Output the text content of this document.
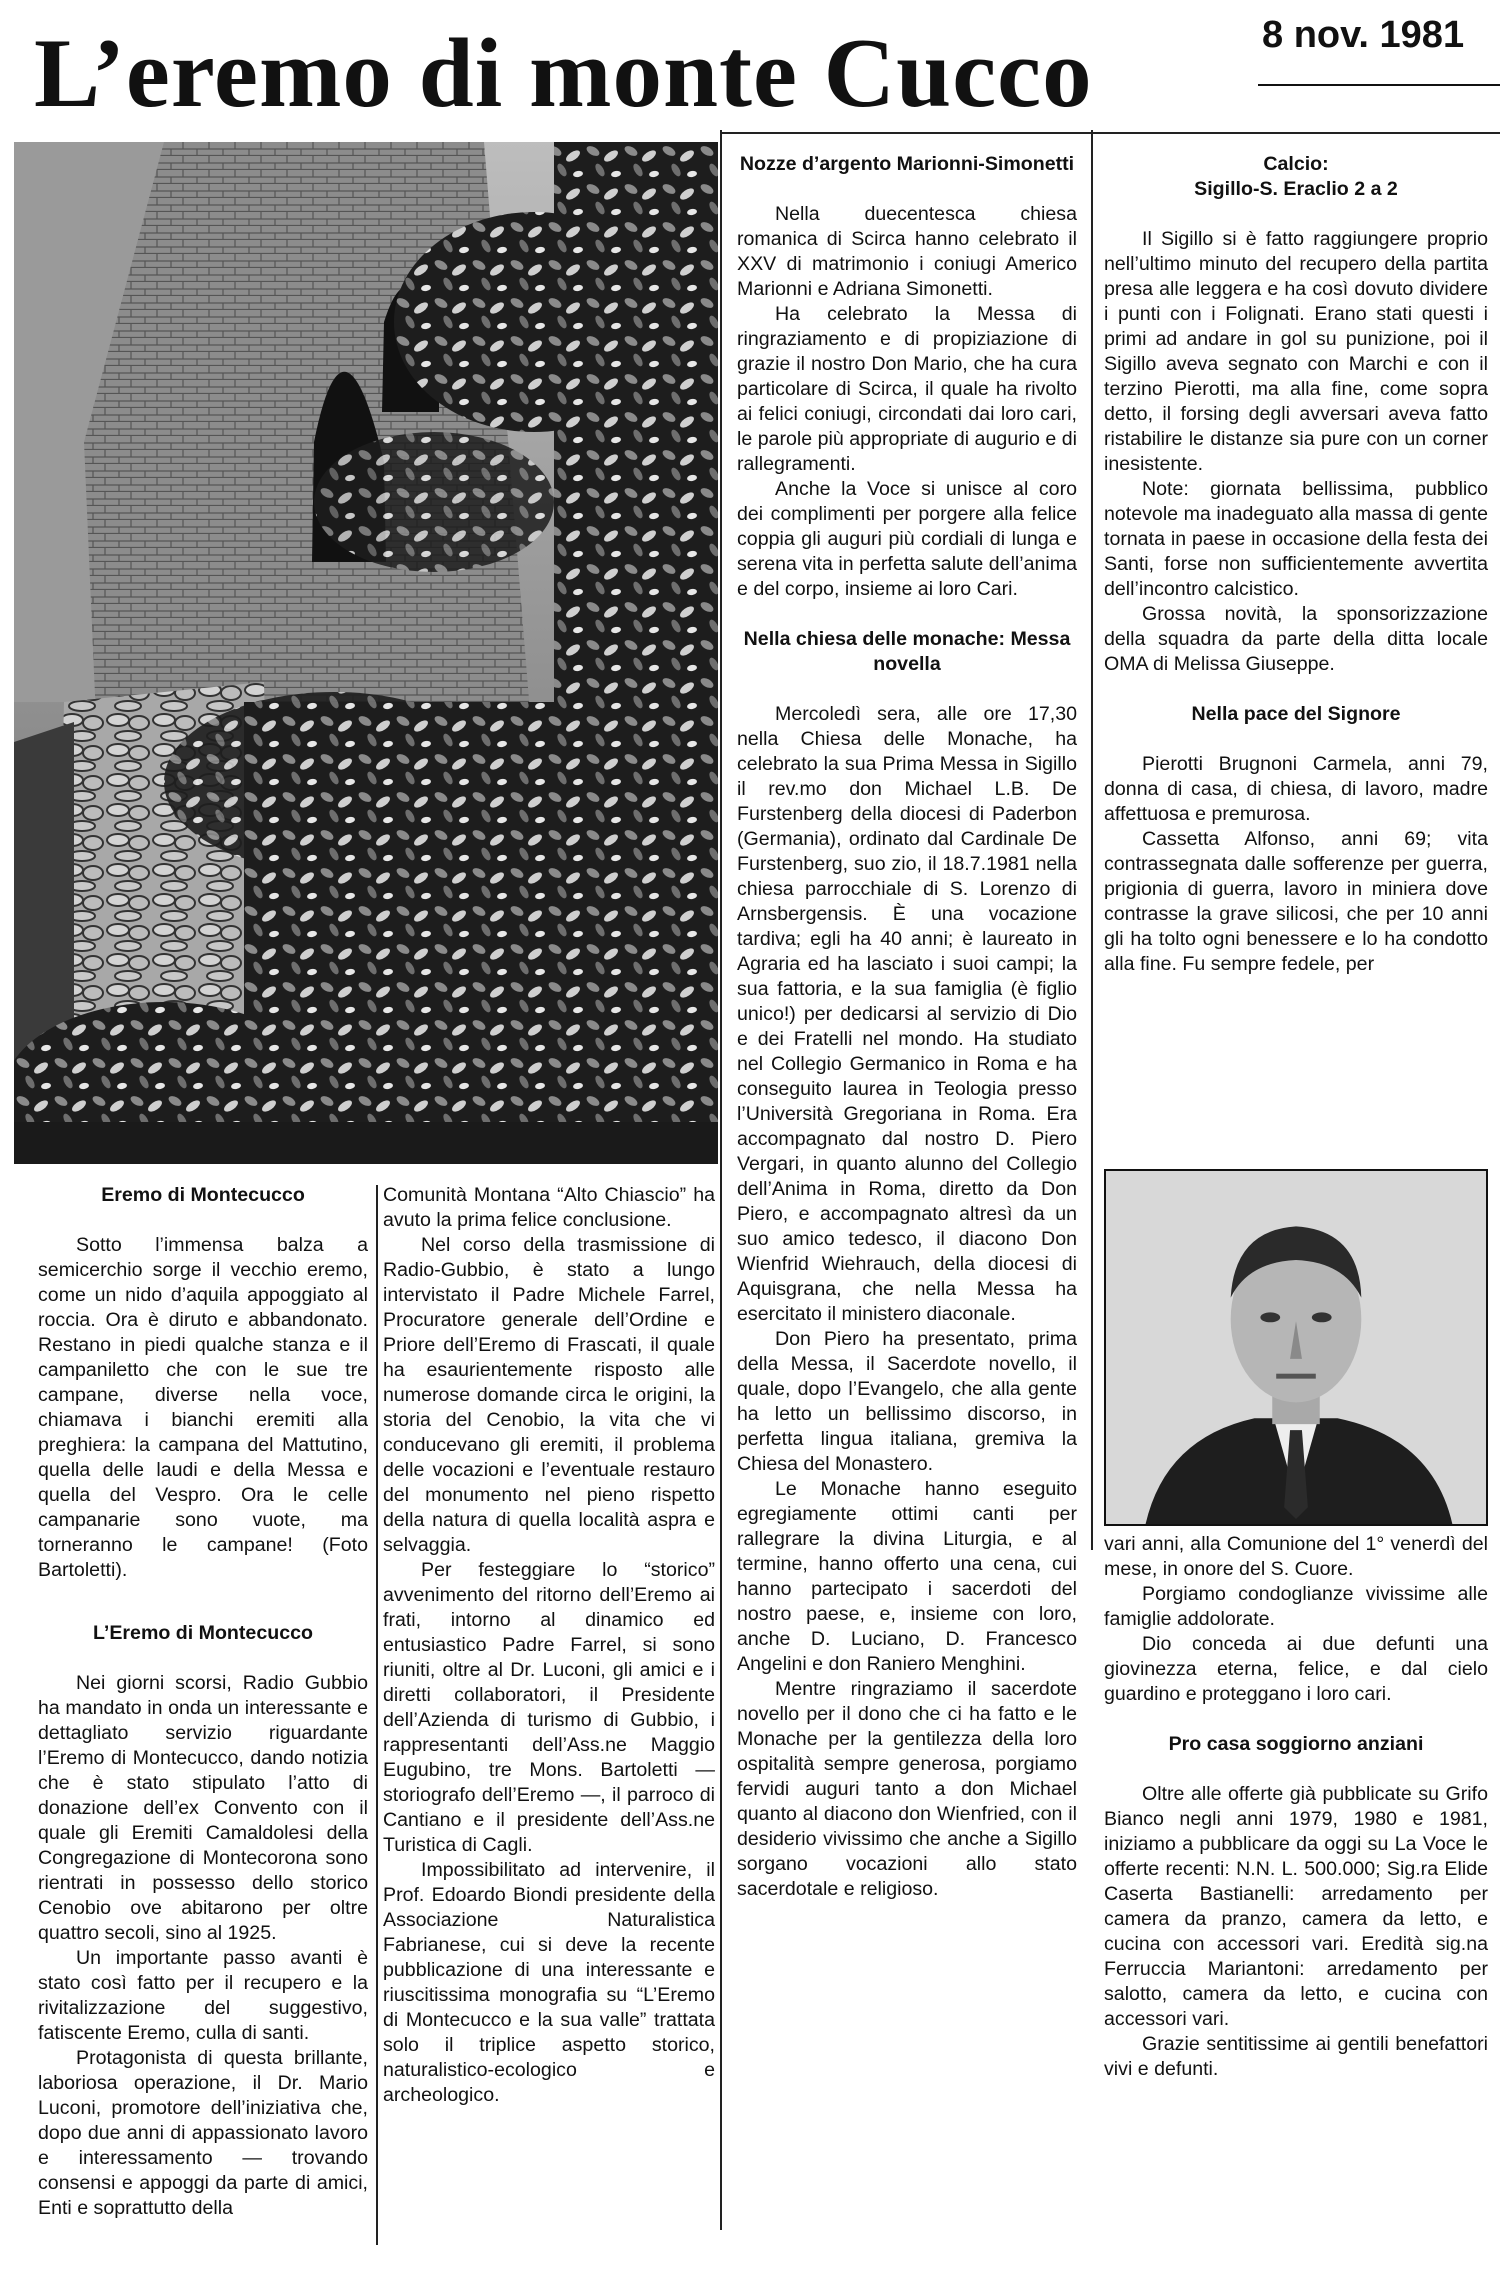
L’eremo di monte Cucco	8 nov. 1981

Eremo di Montecucco

Sotto l’immensa balza a semicerchio sorge il vecchio eremo, come un nido d’aquila appoggiato al roccia. Ora è diruto e abbandonato. Restano in piedi qualche stanza e il campaniletto che con le sue tre campane, diverse nella voce, chiamava i bianchi eremiti alla preghiera: la campana del Mattutino, quella delle laudi e della Messa e quella del Vespro. Ora le celle campanarie sono vuote, ma torneranno le campane! (Foto Bartoletti).

L’Eremo di Montecucco

Nei giorni scorsi, Radio Gubbio ha mandato in onda un interessante e dettagliato servizio riguardante l’Eremo di Montecucco, dando notizia che è stato stipulato l’atto di donazione dell’ex Convento con il quale gli Eremiti Camaldolesi della Congregazione di Montecorona sono rientrati in possesso dello storico Cenobio ove abitarono per oltre quattro secoli, sino al 1925.

Un importante passo avanti è stato così fatto per il recupero e la rivitalizzazione del suggestivo, fatiscente Eremo, culla di santi.

Protagonista di questa brillante, laboriosa operazione, il Dr. Mario Luconi, promotore dell’iniziativa che, dopo due anni di appassionato lavoro e interessamento — trovando consensi e appoggi da parte di amici, Enti e soprattutto della

Comunità Montana “Alto Chiascio” ha avuto la prima felice conclusione.

Nel corso della trasmissione di Radio-Gubbio, è stato a lungo intervistato il Padre Michele Farrel, Procuratore generale dell’Ordine e Priore dell’Eremo di Frascati, il quale ha esaurientemente risposto alle numerose domande circa le origini, la storia del Cenobio, la vita che vi conducevano gli eremiti, il problema delle vocazioni e l’eventuale restauro del monumento nel pieno rispetto della natura di quella località aspra e selvaggia.

Per festeggiare lo “storico” avvenimento del ritorno dell’Eremo ai frati, intorno al dinamico ed entusiastico Padre Farrel, si sono riuniti, oltre al Dr. Luconi, gli amici e i diretti collaboratori, il Presidente dell’Azienda di turismo di Gubbio, i rappresentanti dell’Ass.ne Maggio Eugubino, tre Mons. Bartoletti — storiografo dell’Eremo —, il parroco di Cantiano e il presidente dell’Ass.ne Turistica di Cagli.

Impossibilitato ad intervenire, il Prof. Edoardo Biondi presidente della Associazione Naturalistica Fabrianese, cui si deve la recente pubblicazione di una interessante e riuscitissima monografia su “L’Eremo di Montecucco e la sua valle” trattata solo il triplice aspetto storico, naturalistico-ecologico e archeologico.

Nozze d’argento Marionni-Simonetti

Nella duecentesca chiesa romanica di Scirca hanno celebrato il XXV di matrimonio i coniugi Americo Marionni e Adriana Simonetti.

Ha celebrato la Messa di ringraziamento e di propiziazione di grazie il nostro Don Mario, che ha cura particolare di Scirca, il quale ha rivolto ai felici coniugi, circondati dai loro cari, le parole più appropriate di augurio e di rallegramenti.

Anche la Voce si unisce al coro dei complimenti per porgere alla felice coppia gli auguri più cordiali di lunga e serena vita in perfetta salute dell’anima e del corpo, insieme ai loro Cari.

Nella chiesa delle monache: Messa novella

Mercoledì sera, alle ore 17,30 nella Chiesa delle Monache, ha celebrato la sua Prima Messa in Sigillo il rev.mo don Michael L.B. De Furstenberg della diocesi di Paderbon (Germania), ordinato dal Cardinale De Furstenberg, suo zio, il 18.7.1981 nella chiesa parrocchiale di S. Lorenzo di Arnsbergensis. È una vocazione tardiva; egli ha 40 anni; è laureato in Agraria ed ha lasciato i suoi campi; la sua fattoria, e la sua famiglia (è figlio unico!) per dedicarsi al servizio di Dio e dei Fratelli nel mondo. Ha studiato nel Collegio Germanico in Roma e ha conseguito laurea in Teologia presso l’Università Gregoriana in Roma. Era accompagnato dal nostro D. Piero Vergari, in quanto alunno del Collegio dell’Anima in Roma, diretto da Don Piero, e accompagnato altresì da un suo amico tedesco, il diacono Don Wienfrid Wiehrauch, della diocesi di Aquisgrana, che nella Messa ha esercitato il ministero diaconale.

Don Piero ha presentato, prima della Messa, il Sacerdote novello, il quale, dopo l’Evangelo, che alla gente ha letto un bellissimo discorso, in perfetta lingua italiana, gremiva la Chiesa del Monastero.

Le Monache hanno eseguito egregiamente ottimi canti per rallegrare la divina Liturgia, e al termine, hanno offerto una cena, cui hanno partecipato i sacerdoti del nostro paese, e, insieme con loro, anche D. Luciano, D. Francesco Angelini e don Raniero Menghini.

Mentre ringraziamo il sacerdote novello per il dono che ci ha fatto e le Monache per la gentilezza della loro ospitalità sempre generosa, porgiamo fervidi auguri tanto a don Michael quanto al diacono don Wienfried, con il desiderio vivissimo che anche a Sigillo sorgano vocazioni allo stato sacerdotale e religioso.

Calcio:

Sigillo-S. Eraclio 2 a 2

Il Sigillo si è fatto raggiungere proprio nell’ultimo minuto del recupero della partita presa alle leggera e ha così dovuto dividere i punti con i Folignati. Erano stati questi i primi ad andare in gol su punizione, poi il Sigillo aveva segnato con Marchi e con il terzino Pierotti, ma alla fine, come sopra detto, il forsing degli avversari aveva fatto ristabilire le distanze sia pure con un corner inesistente.

Note: giornata bellissima, pubblico notevole ma inadeguato alla massa di gente tornata in paese in occasione della festa dei Santi, forse non sufficientemente avvertita dell’incontro calcistico.

Grossa novità, la sponsorizzazione della squadra da parte della ditta locale OMA di Melissa Giuseppe.

Nella pace del Signore

Pierotti Brugnoni Carmela, anni 79, donna di casa, di chiesa, di lavoro, madre affettuosa e premurosa.

Cassetta Alfonso, anni 69; vita contrassegnata dalle sofferenze per guerra, prigionia di guerra, lavoro in miniera dove contrasse la grave silicosi, che per 10 anni gli ha tolto ogni benessere e lo ha condotto alla fine. Fu sempre fedele, per

vari anni, alla Comunione del 1° venerdì del mese, in onore del S. Cuore.

Porgiamo condoglianze vivissime alle famiglie addolorate.

Dio conceda ai due defunti una giovinezza eterna, felice, e dal cielo guardino e proteggano i loro cari.

Pro casa soggiorno anziani

Oltre alle offerte già pubblicate su Grifo Bianco negli anni 1979, 1980 e 1981, iniziamo a pubblicare da oggi su La Voce le offerte recenti: N.N. L. 500.000; Sig.ra Elide Caserta Bastianelli: arredamento per camera da pranzo, camera da letto, e cucina con accessori vari. Eredità sig.na Ferruccia Mariantoni: arredamento per salotto, camera da letto, e cucina con accessori vari.

Grazie sentitissime ai gentili benefattori vivi e defunti.
